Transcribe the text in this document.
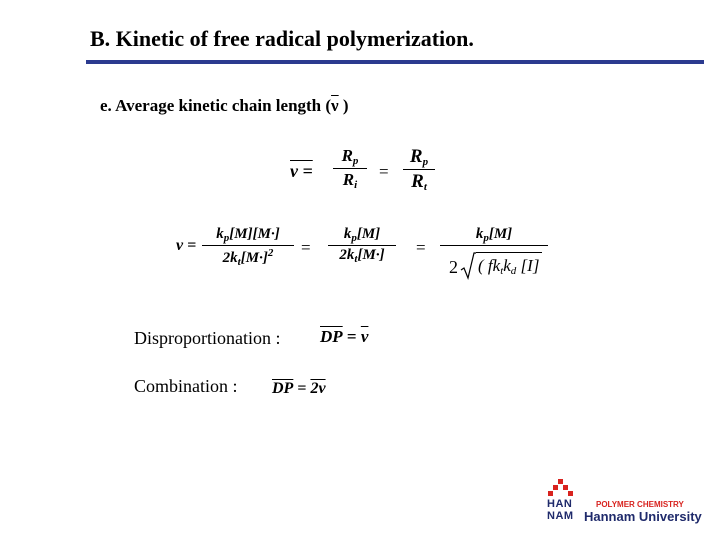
B. Kinetic of free radical polymerization.
e. Average kinetic chain length ($\overline{\nu}$ )
ν =
$R_p$
$R_i$
=
$R_p$
$R_t$
ν =
$k_p[M][M\cdot]$
$2k_t[M\cdot]^2$	=
$k_p[M]$
$2k_t[M\cdot]$	=
$k_p[M]$
2 ( $fk_tk_d$ [I]
Disproportionation : $\overline{DP} = \overline{\nu}$
Combination : $\overline{DP} = 2\nu$
HAN
NAM
POLYMER CHEMISTRY
Hannam University
